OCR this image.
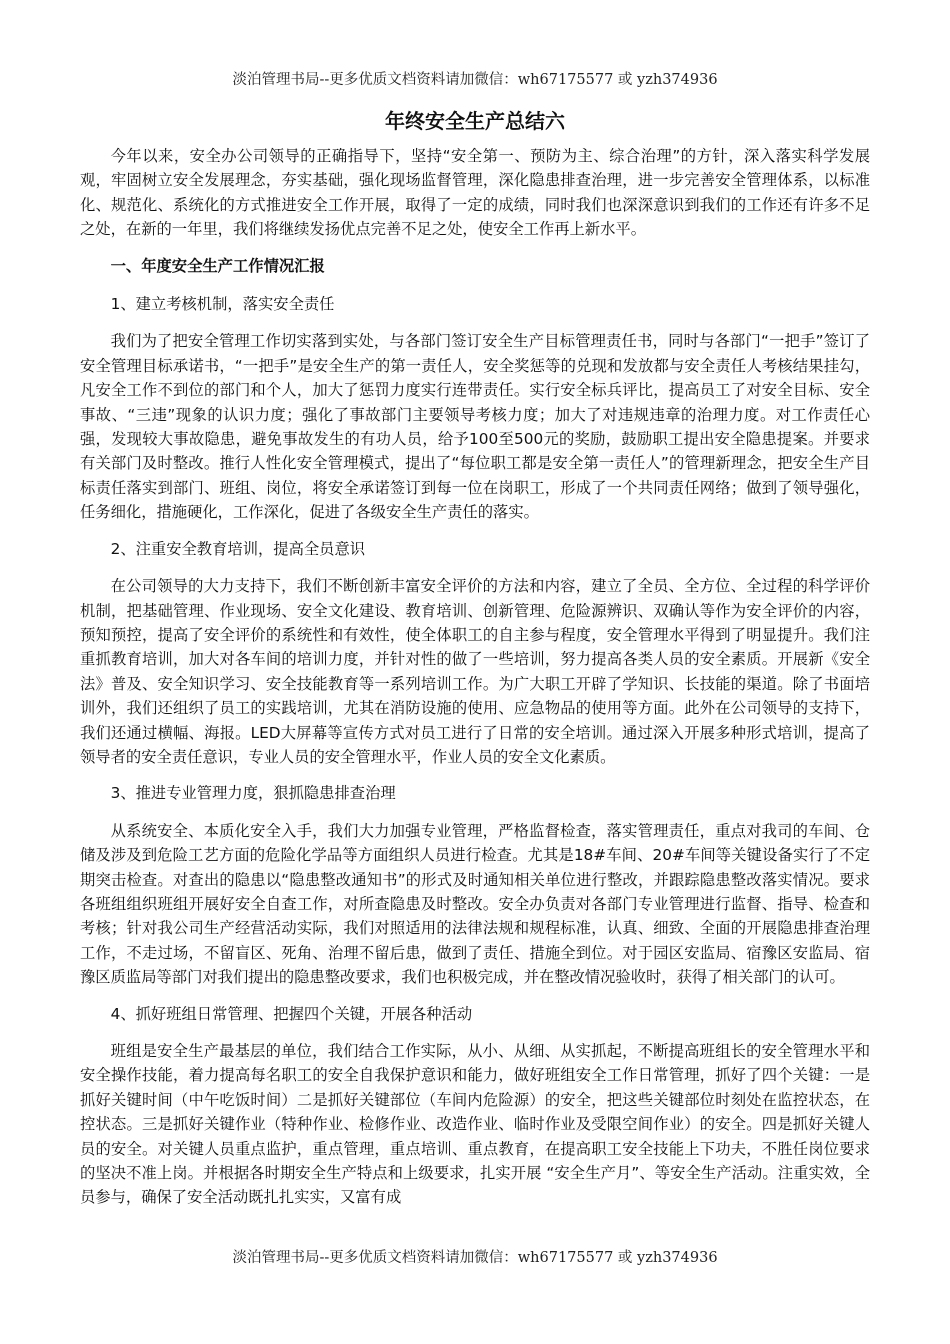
淡泊管理书局--更多优质文档资料请加微信：wh67175577 或 yzh374936
年终安全生产总结六

今年以来，安全办公司领导的正确指导下，坚持“安全第一、预防为主、综合治理”的方针，深入落实科学发展观，牢固树立安全发展理念，夯实基础，强化现场监督管理，深化隐患排查治理，进一步完善安全管理体系，以标准化、规范化、系统化的方式推进安全工作开展，取得了一定的成绩，同时我们也深深意识到我们的工作还有许多不足之处，在新的一年里，我们将继续发扬优点完善不足之处，使安全工作再上新水平。

一、年度安全生产工作情况汇报

1、建立考核机制，落实安全责任

我们为了把安全管理工作切实落到实处，与各部门签订安全生产目标管理责任书，同时与各部门“一把手”签订了安全管理目标承诺书，“一把手”是安全生产的第一责任人，安全奖惩等的兑现和发放都与安全责任人考核结果挂勾，凡安全工作不到位的部门和个人，加大了惩罚力度实行连带责任。实行安全标兵评比，提高员工了对安全目标、安全事故、“三违”现象的认识力度；强化了事故部门主要领导考核力度；加大了对违规违章的治理力度。对工作责任心强，发现较大事故隐患，避免事故发生的有功人员，给予100至500元的奖励，鼓励职工提出安全隐患提案。并要求有关部门及时整改。推行人性化安全管理模式，提出了“每位职工都是安全第一责任人”的管理新理念，把安全生产目标责任落实到部门、班组、岗位，将安全承诺签订到每一位在岗职工，形成了一个共同责任网络；做到了领导强化，任务细化，措施硬化，工作深化，促进了各级安全生产责任的落实。

2、注重安全教育培训，提高全员意识

在公司领导的大力支持下，我们不断创新丰富安全评价的方法和内容，建立了全员、全方位、全过程的科学评价机制，把基础管理、作业现场、安全文化建设、教育培训、创新管理、危险源辨识、双确认等作为安全评价的内容，预知预控，提高了安全评价的系统性和有效性，使全体职工的自主参与程度，安全管理水平得到了明显提升。我们注重抓教育培训，加大对各车间的培训力度，并针对性的做了一些培训，努力提高各类人员的安全素质。开展新《安全法》普及、安全知识学习、安全技能教育等一系列培训工作。为广大职工开辟了学知识、长技能的渠道。除了书面培训外，我们还组织了员工的实践培训，尤其在消防设施的使用、应急物品的使用等方面。此外在公司领导的支持下，我们还通过横幅、海报。LED大屏幕等宣传方式对员工进行了日常的安全培训。通过深入开展多种形式培训，提高了领导者的安全责任意识，专业人员的安全管理水平，作业人员的安全文化素质。

3、推进专业管理力度，狠抓隐患排查治理

从系统安全、本质化安全入手，我们大力加强专业管理，严格监督检查，落实管理责任，重点对我司的车间、仓储及涉及到危险工艺方面的危险化学品等方面组织人员进行检查。尤其是18#车间、20#车间等关键设备实行了不定期突击检查。对查出的隐患以“隐患整改通知书”的形式及时通知相关单位进行整改，并跟踪隐患整改落实情况。要求各班组组织班组开展好安全自查工作，对所查隐患及时整改。安全办负责对各部门专业管理进行监督、指导、检查和考核；针对我公司生产经营活动实际，我们对照适用的法律法规和规程标准，认真、细致、全面的开展隐患排查治理工作，不走过场，不留盲区、死角、治理不留后患，做到了责任、措施全到位。对于园区安监局、宿豫区安监局、宿豫区质监局等部门对我们提出的隐患整改要求，我们也积极完成，并在整改情况验收时，获得了相关部门的认可。

4、抓好班组日常管理、把握四个关键，开展各种活动

班组是安全生产最基层的单位，我们结合工作实际，从小、从细、从实抓起，不断提高班组长的安全管理水平和安全操作技能，着力提高每名职工的安全自我保护意识和能力，做好班组安全工作日常管理，抓好了四个关键：一是抓好关键时间（中午吃饭时间）二是抓好关键部位（车间内危险源）的安全，把这些关键部位时刻处在监控状态，在控状态。三是抓好关键作业（特种作业、检修作业、改造作业、临时作业及受限空间作业）的安全。四是抓好关键人员的安全。对关键人员重点监护，重点管理，重点培训、重点教育，在提高职工安全技能上下功夫，不胜任岗位要求的坚决不准上岗。并根据各时期安全生产特点和上级要求，扎实开展 “安全生产月”、等安全生产活动。注重实效，全员参与，确保了安全活动既扎扎实实，又富有成

淡泊管理书局--更多优质文档资料请加微信：wh67175577 或 yzh374936
